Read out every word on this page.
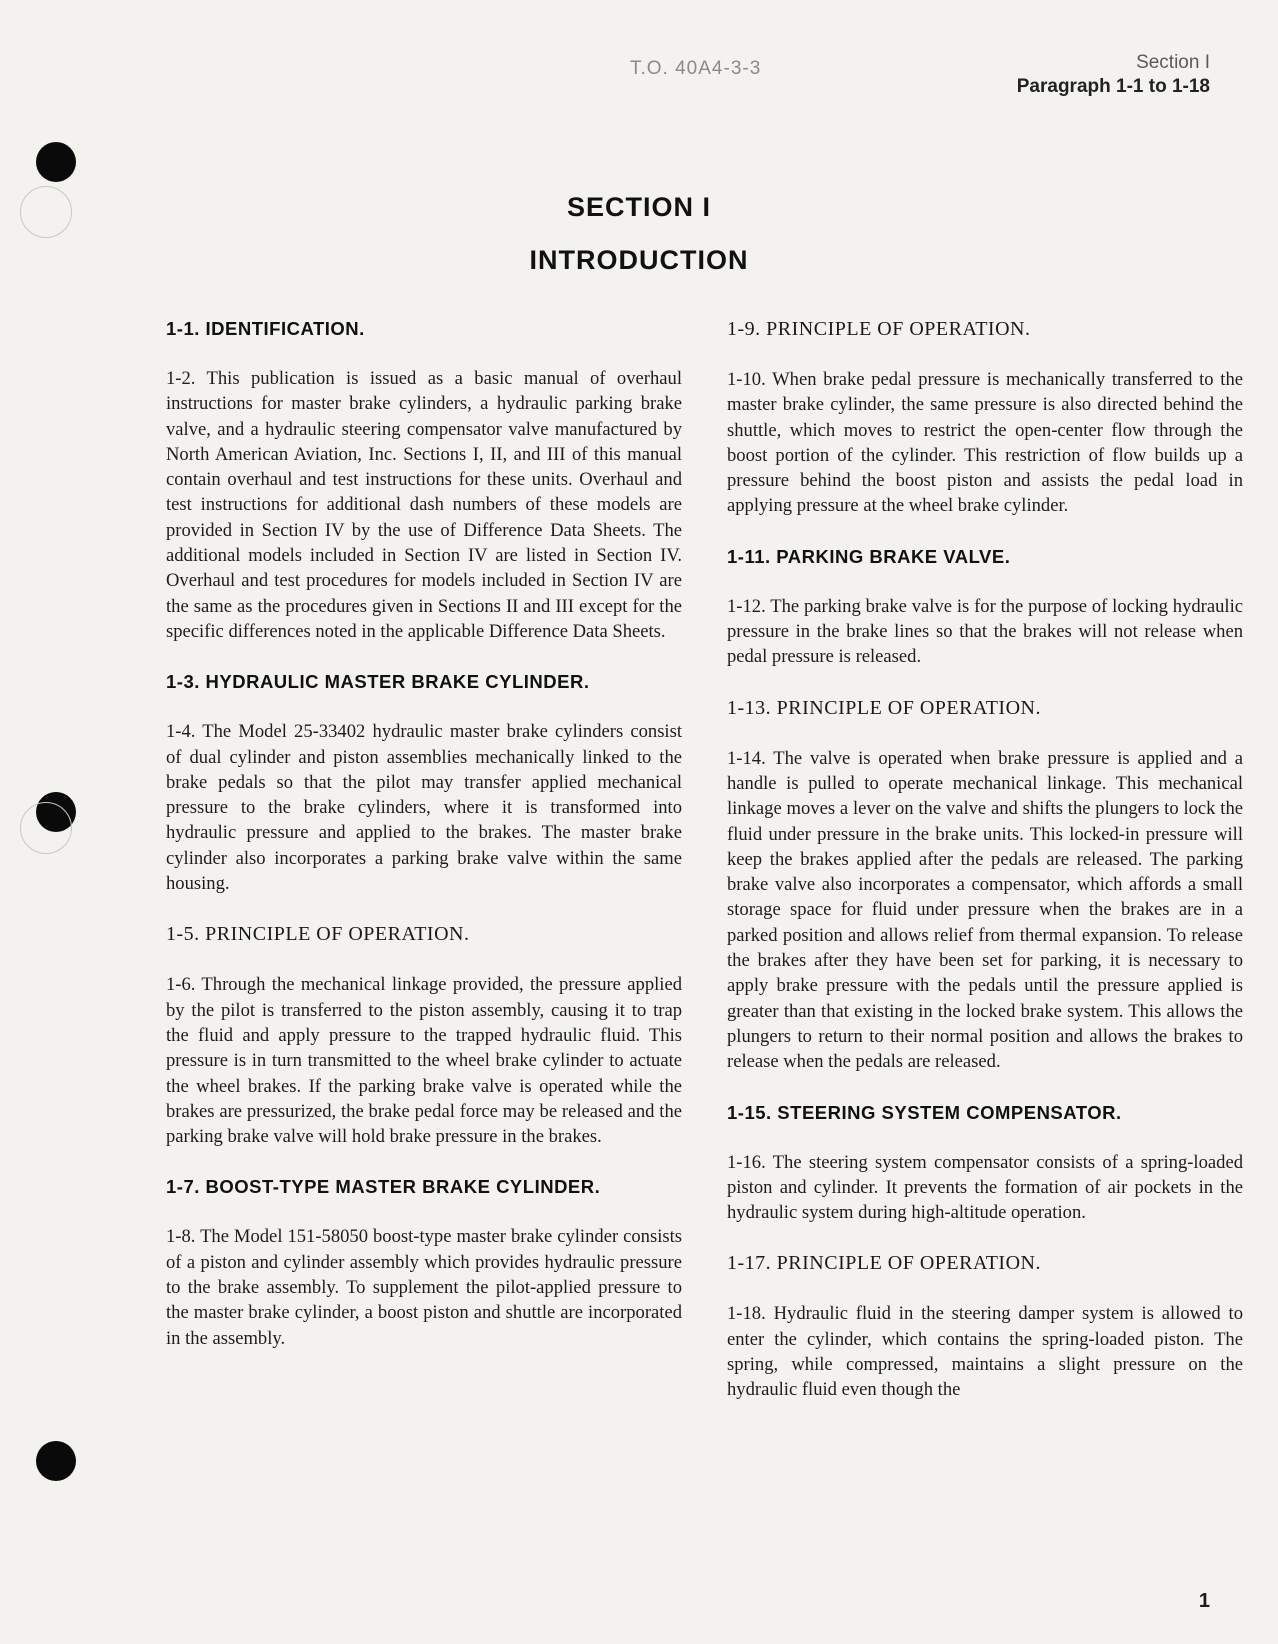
T.O. 40A4-3-3	Section I
Paragraph 1-1 to 1-18
SECTION I
INTRODUCTION
1-1. IDENTIFICATION.
1-2. This publication is issued as a basic manual of overhaul instructions for master brake cylinders, a hydraulic parking brake valve, and a hydraulic steering compensator valve manufactured by North American Aviation, Inc. Sections I, II, and III of this manual contain overhaul and test instructions for these units. Overhaul and test instructions for additional dash numbers of these models are provided in Section IV by the use of Difference Data Sheets. The additional models included in Section IV are listed in Section IV. Overhaul and test procedures for models included in Section IV are the same as the procedures given in Sections II and III except for the specific differences noted in the applicable Difference Data Sheets.
1-3. HYDRAULIC MASTER BRAKE CYLINDER.
1-4. The Model 25-33402 hydraulic master brake cylinders consist of dual cylinder and piston assemblies mechanically linked to the brake pedals so that the pilot may transfer applied mechanical pressure to the brake cylinders, where it is transformed into hydraulic pressure and applied to the brakes. The master brake cylinder also incorporates a parking brake valve within the same housing.
1-5. PRINCIPLE OF OPERATION.
1-6. Through the mechanical linkage provided, the pressure applied by the pilot is transferred to the piston assembly, causing it to trap the fluid and apply pressure to the trapped hydraulic fluid. This pressure is in turn transmitted to the wheel brake cylinder to actuate the wheel brakes. If the parking brake valve is operated while the brakes are pressurized, the brake pedal force may be released and the parking brake valve will hold brake pressure in the brakes.
1-7. BOOST-TYPE MASTER BRAKE CYLINDER.
1-8. The Model 151-58050 boost-type master brake cylinder consists of a piston and cylinder assembly which provides hydraulic pressure to the brake assembly. To supplement the pilot-applied pressure to the master brake cylinder, a boost piston and shuttle are incorporated in the assembly.
1-9. PRINCIPLE OF OPERATION.
1-10. When brake pedal pressure is mechanically transferred to the master brake cylinder, the same pressure is also directed behind the shuttle, which moves to restrict the open-center flow through the boost portion of the cylinder. This restriction of flow builds up a pressure behind the boost piston and assists the pedal load in applying pressure at the wheel brake cylinder.
1-11. PARKING BRAKE VALVE.
1-12. The parking brake valve is for the purpose of locking hydraulic pressure in the brake lines so that the brakes will not release when pedal pressure is released.
1-13. PRINCIPLE OF OPERATION.
1-14. The valve is operated when brake pressure is applied and a handle is pulled to operate mechanical linkage. This mechanical linkage moves a lever on the valve and shifts the plungers to lock the fluid under pressure in the brake units. This locked-in pressure will keep the brakes applied after the pedals are released. The parking brake valve also incorporates a compensator, which affords a small storage space for fluid under pressure when the brakes are in a parked position and allows relief from thermal expansion. To release the brakes after they have been set for parking, it is necessary to apply brake pressure with the pedals until the pressure applied is greater than that existing in the locked brake system. This allows the plungers to return to their normal position and allows the brakes to release when the pedals are released.
1-15. STEERING SYSTEM COMPENSATOR.
1-16. The steering system compensator consists of a spring-loaded piston and cylinder. It prevents the formation of air pockets in the hydraulic system during high-altitude operation.
1-17. PRINCIPLE OF OPERATION.
1-18. Hydraulic fluid in the steering damper system is allowed to enter the cylinder, which contains the spring-loaded piston. The spring, while compressed, maintains a slight pressure on the hydraulic fluid even though the
1
